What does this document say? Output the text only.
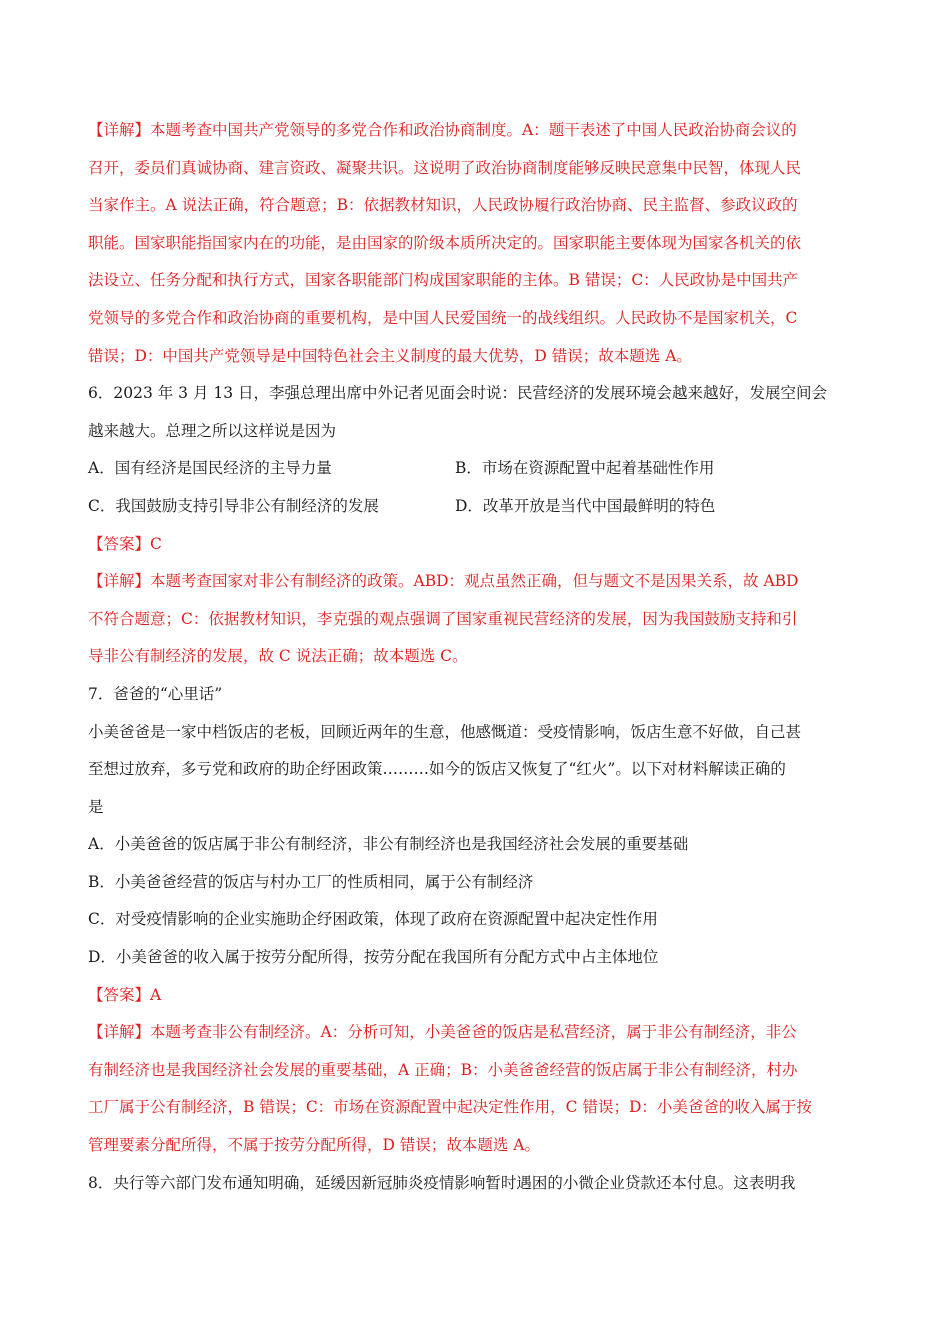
【详解】本题考查中国共产党领导的多党合作和政治协商制度。A：题干表述了中国人民政治协商会议的
召开，委员们真诚协商、建言资政、凝聚共识。这说明了政治协商制度能够反映民意集中民智，体现人民
当家作主。A 说法正确，符合题意；B：依据教材知识，人民政协履行政治协商、民主监督、参政议政的
职能。国家职能指国家内在的功能，是由国家的阶级本质所决定的。国家职能主要体现为国家各机关的依
法设立、任务分配和执行方式，国家各职能部门构成国家职能的主体。B 错误；C：人民政协是中国共产
党领导的多党合作和政治协商的重要机构，是中国人民爱国统一的战线组织。人民政协不是国家机关，C
错误；D：中国共产党领导是中国特色社会主义制度的最大优势，D 错误；故本题选 A。
6．2023 年 3 月 13 日，李强总理出席中外记者见面会时说：民营经济的发展环境会越来越好，发展空间会
越来越大。总理之所以这样说是因为
A．国有经济是国民经济的主导力量	B．市场在资源配置中起着基础性作用
C．我国鼓励支持引导非公有制经济的发展	D．改革开放是当代中国最鲜明的特色
【答案】C
【详解】本题考查国家对非公有制经济的政策。ABD：观点虽然正确，但与题文不是因果关系，故 ABD
不符合题意；C：依据教材知识，李克强的观点强调了国家重视民营经济的发展，因为我国鼓励支持和引
导非公有制经济的发展，故 C 说法正确；故本题选 C。
7．爸爸的“心里话”
小美爸爸是一家中档饭店的老板，回顾近两年的生意，他感慨道：受疫情影响，饭店生意不好做，自己甚
至想过放弃，多亏党和政府的助企纾困政策………如今的饭店又恢复了“红火”。以下对材料解读正确的
是
A．小美爸爸的饭店属于非公有制经济，非公有制经济也是我国经济社会发展的重要基础
B．小美爸爸经营的饭店与村办工厂的性质相同，属于公有制经济
C．对受疫情影响的企业实施助企纾困政策，体现了政府在资源配置中起决定性作用
D．小美爸爸的收入属于按劳分配所得，按劳分配在我国所有分配方式中占主体地位
【答案】A
【详解】本题考查非公有制经济。A：分析可知，小美爸爸的饭店是私营经济，属于非公有制经济，非公
有制经济也是我国经济社会发展的重要基础，A 正确；B：小美爸爸经营的饭店属于非公有制经济，村办
工厂属于公有制经济，B 错误；C：市场在资源配置中起决定性作用，C 错误；D：小美爸爸的收入属于按
管理要素分配所得，不属于按劳分配所得，D 错误；故本题选 A。
8．央行等六部门发布通知明确，延缓因新冠肺炎疫情影响暂时遇困的小微企业贷款还本付息。这表明我
